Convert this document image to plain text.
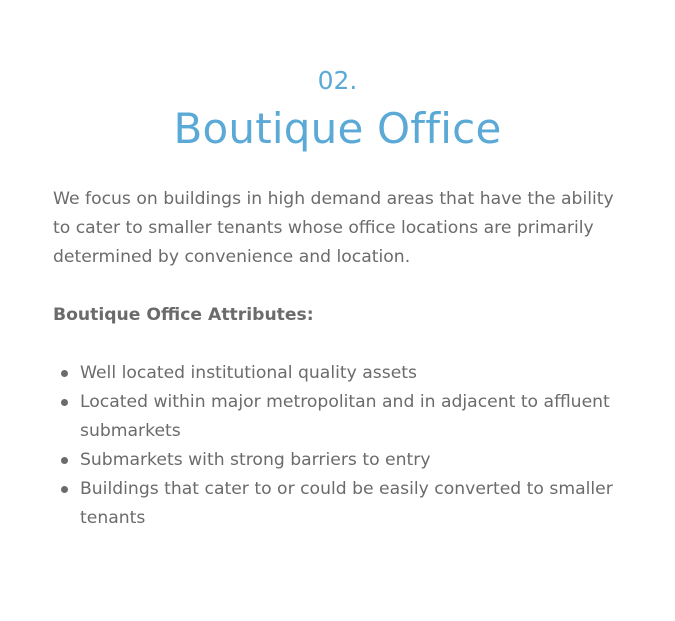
02.
Boutique Office

We focus on buildings in high demand areas that have the ability to cater to smaller tenants whose office locations are primarily determined by convenience and location.

Boutique Office Attributes:

Well located institutional quality assets
Located within major metropolitan and in adjacent to affluent submarkets
Submarkets with strong barriers to entry
Buildings that cater to or could be easily converted to smaller tenants
